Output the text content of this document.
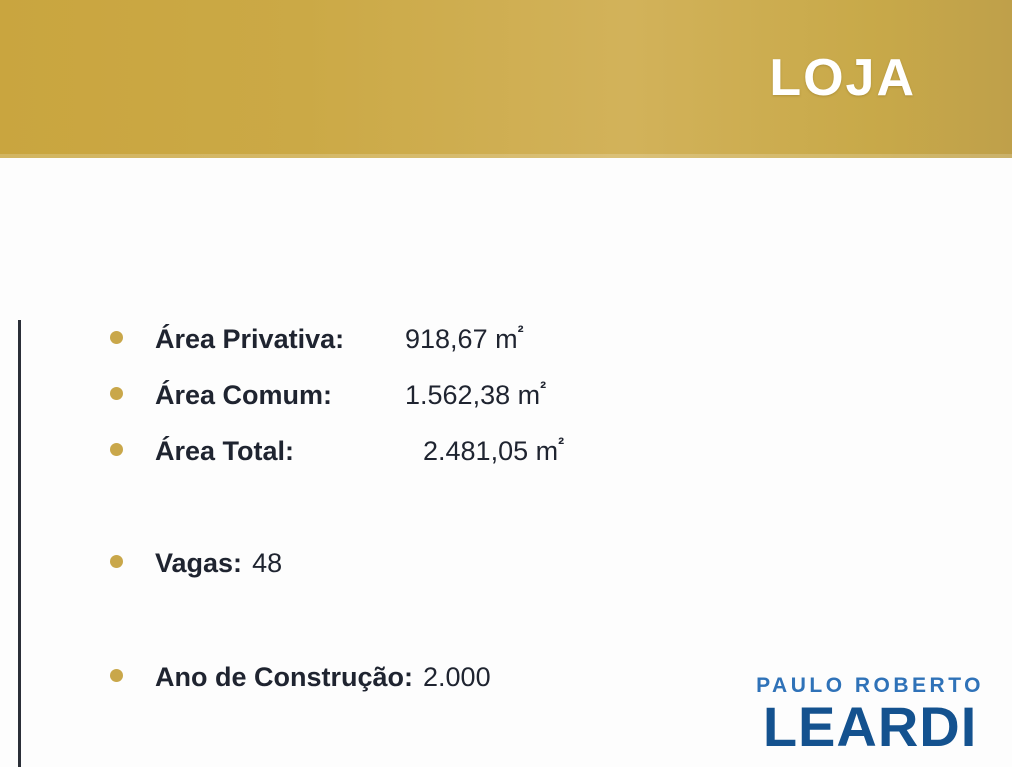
LOJA
Área Privativa:	918,67 $m^{^2}$
Área Comum:	1.562,38 $m^{^2}$
Área Total:	2.481,05 $m^{^2}$
Vagas: 48
Ano de Construção: 2.000	PAULO ROBERTO
LEARDI
